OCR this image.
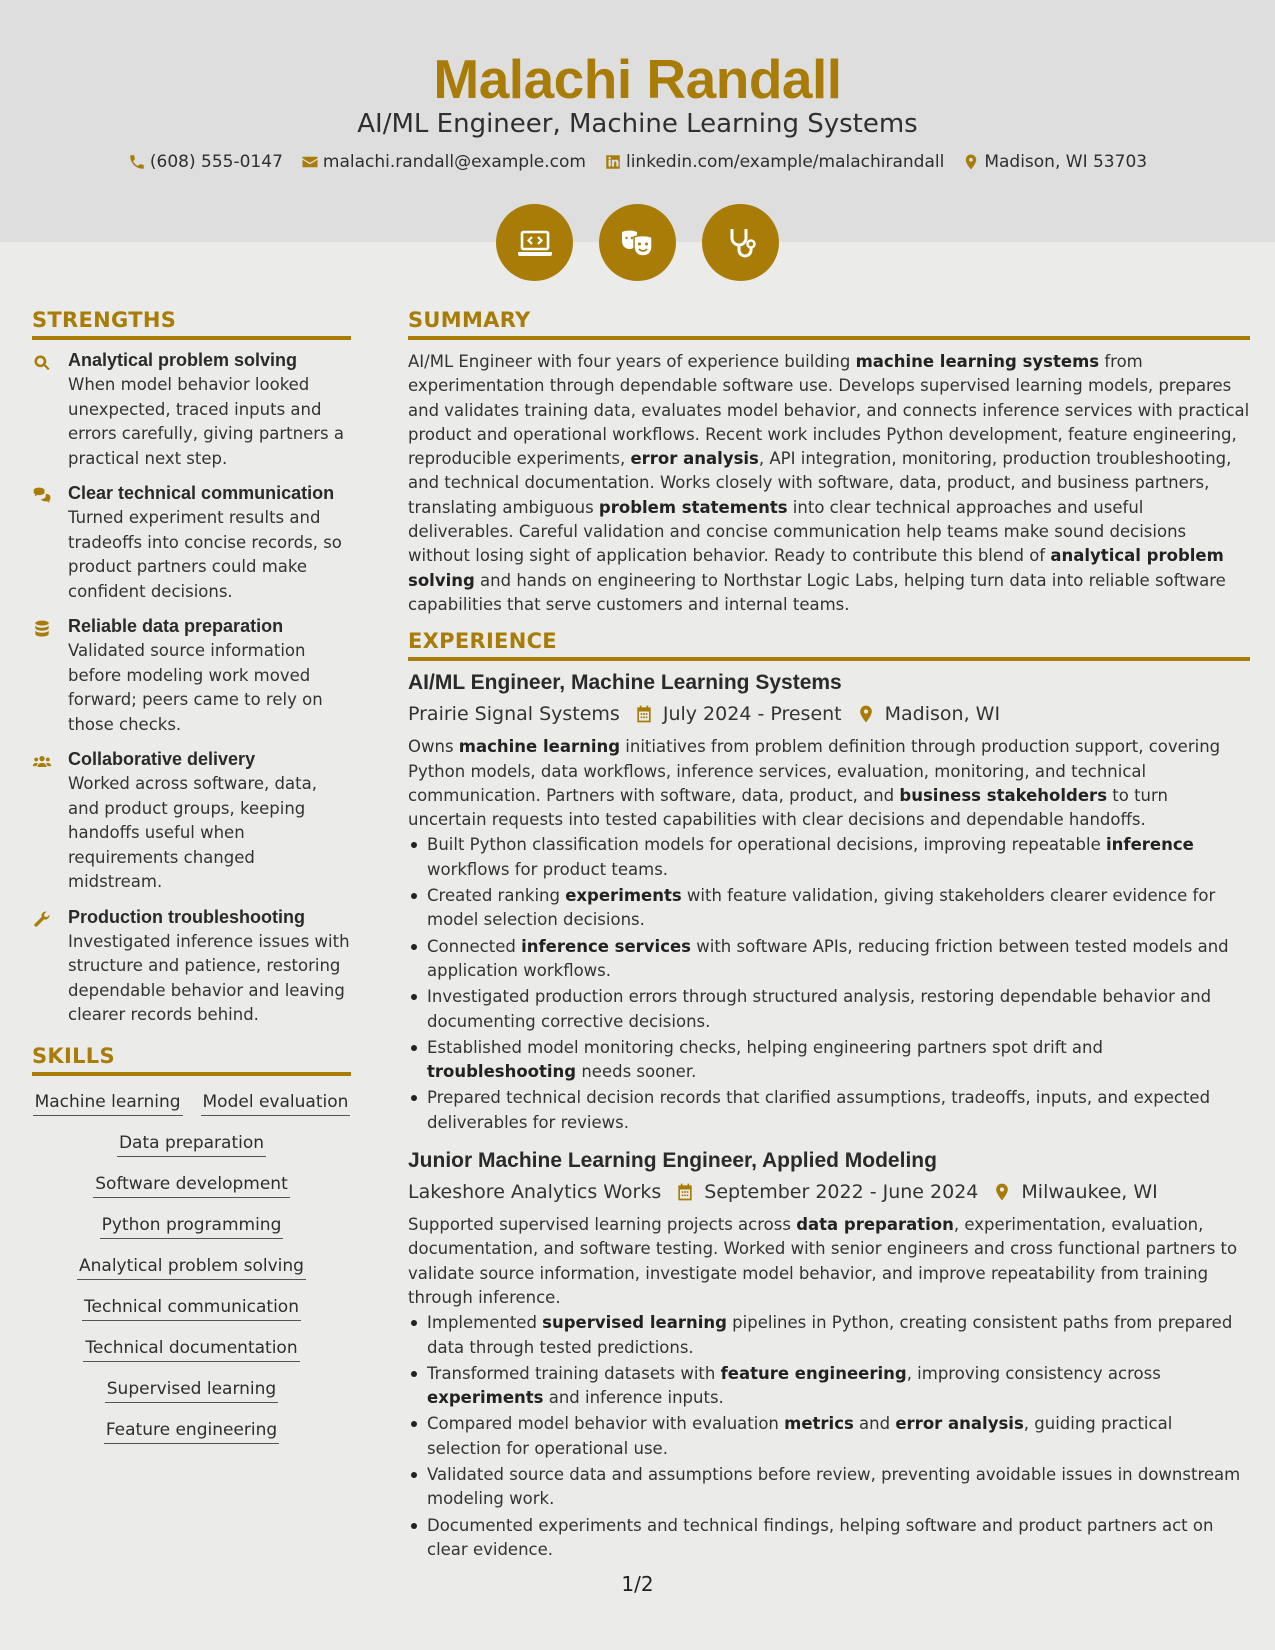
Malachi Randall
AI/ML Engineer, Machine Learning Systems
(608) 555-0147 malachi.randall@example.com linkedin.com/example/malachirandall Madison, WI 53703
STRENGTHS
Analytical problem solving
When model behavior looked unexpected, traced inputs and errors carefully, giving partners a practical next step.
Clear technical communication
Turned experiment results and tradeoffs into concise records, so product partners could make confident decisions.
Reliable data preparation
Validated source information before modeling work moved forward; peers came to rely on those checks.
Collaborative delivery
Worked across software, data, and product groups, keeping handoffs useful when requirements changed midstream.
Production troubleshooting
Investigated inference issues with structure and patience, restoring dependable behavior and leaving clearer records behind.
SKILLS
Machine learning Model evaluation
Data preparation
Software development
Python programming
Analytical problem solving
Technical communication
Technical documentation
Supervised learning
Feature engineering
SUMMARY
AI/ML Engineer with four years of experience building machine learning systems from experimentation through dependable software use. Develops supervised learning models, prepares and validates training data, evaluates model behavior, and connects inference services with practical product and operational workflows. Recent work includes Python development, feature engineering, reproducible experiments, error analysis, API integration, monitoring, production troubleshooting, and technical documentation. Works closely with software, data, product, and business partners, translating ambiguous problem statements into clear technical approaches and useful deliverables. Careful validation and concise communication help teams make sound decisions without losing sight of application behavior. Ready to contribute this blend of analytical problem solving and hands on engineering to Northstar Logic Labs, helping turn data into reliable software capabilities that serve customers and internal teams.
EXPERIENCE
AI/ML Engineer, Machine Learning Systems
Prairie Signal Systems July 2024 - Present Madison, WI
Owns machine learning initiatives from problem definition through production support, covering Python models, data workflows, inference services, evaluation, monitoring, and technical communication. Partners with software, data, product, and business stakeholders to turn uncertain requests into tested capabilities with clear decisions and dependable handoffs.
Built Python classification models for operational decisions, improving repeatable inference workflows for product teams.
Created ranking experiments with feature validation, giving stakeholders clearer evidence for model selection decisions.
Connected inference services with software APIs, reducing friction between tested models and application workflows.
Investigated production errors through structured analysis, restoring dependable behavior and documenting corrective decisions.
Established model monitoring checks, helping engineering partners spot drift and troubleshooting needs sooner.
Prepared technical decision records that clarified assumptions, tradeoffs, inputs, and expected deliverables for reviews.
Junior Machine Learning Engineer, Applied Modeling
Lakeshore Analytics Works September 2022 - June 2024 Milwaukee, WI
Supported supervised learning projects across data preparation, experimentation, evaluation, documentation, and software testing. Worked with senior engineers and cross functional partners to validate source information, investigate model behavior, and improve repeatability from training through inference.
Implemented supervised learning pipelines in Python, creating consistent paths from prepared data through tested predictions.
Transformed training datasets with feature engineering, improving consistency across experiments and inference inputs.
Compared model behavior with evaluation metrics and error analysis, guiding practical selection for operational use.
Validated source data and assumptions before review, preventing avoidable issues in downstream modeling work.
Documented experiments and technical findings, helping software and product partners act on clear evidence.
1/2
